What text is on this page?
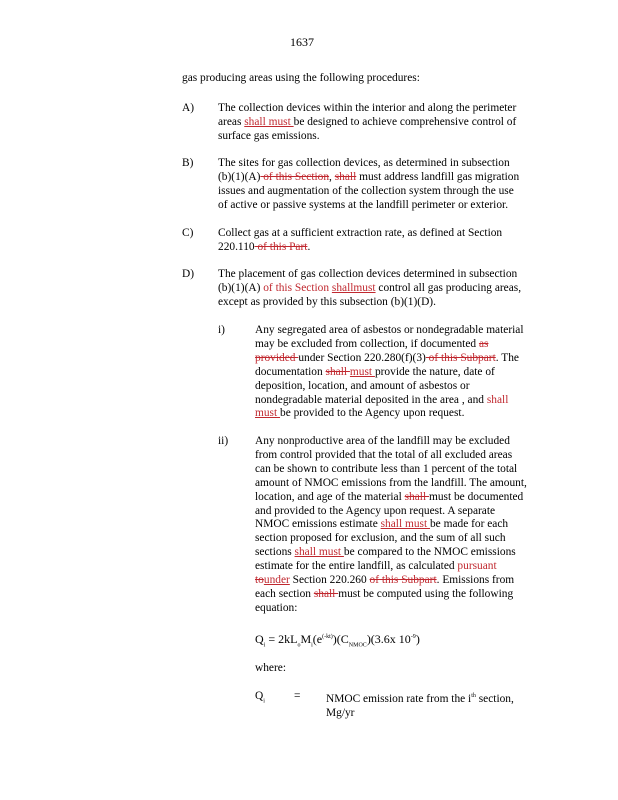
1637
gas producing areas using the following procedures:
A) The collection devices within the interior and along the perimeter
areas shall must be designed to achieve comprehensive control of
surface gas emissions.
B) The sites for gas collection devices, as determined in subsection
(b)(1)(A) of this Section, shall must address landfill gas migration
issues and augmentation of the collection system through the use
of active or passive systems at the landfill perimeter or exterior.
C) Collect gas at a sufficient extraction rate, as defined at Section
220.110 of this Part.
D) The placement of gas collection devices determined in subsection
(b)(1)(A) of this Section shallmust control all gas producing areas,
except as provided by this subsection (b)(1)(D).
i)	Any segregated area of asbestos or nondegradable material
may be excluded from collection, if documented as
provided under Section 220.280(f)(3) of this Subpart. The
documentation shall must provide the nature, date of
deposition, location, and amount of asbestos or
nondegradable material deposited in the area , and shall
must be provided to the Agency upon request.
ii) Any nonproductive area of the landfill may be excluded
from control provided that the total of all excluded areas
can be shown to contribute less than 1 percent of the total
amount of NMOC emissions from the landfill. The amount,
location, and age of the material shall must be documented
and provided to the Agency upon request. A separate
NMOC emissions estimate shall must be made for each
section proposed for exclusion, and the sum of all such
sections shall must be compared to the NMOC emissions
estimate for the entire landfill, as calculated pursuant
tounder Section 220.260 of this Subpart. Emissions from
each section shall must be computed using the following
equation:
$Q_i = 2kL_oM_i(e^{(-kt)})(C_{NMOC})(3.6x$ $10^{-9}$)
where:
$Q_i$	= NMOC emission rate from the $i^{th}$ section,
Mg/yr
